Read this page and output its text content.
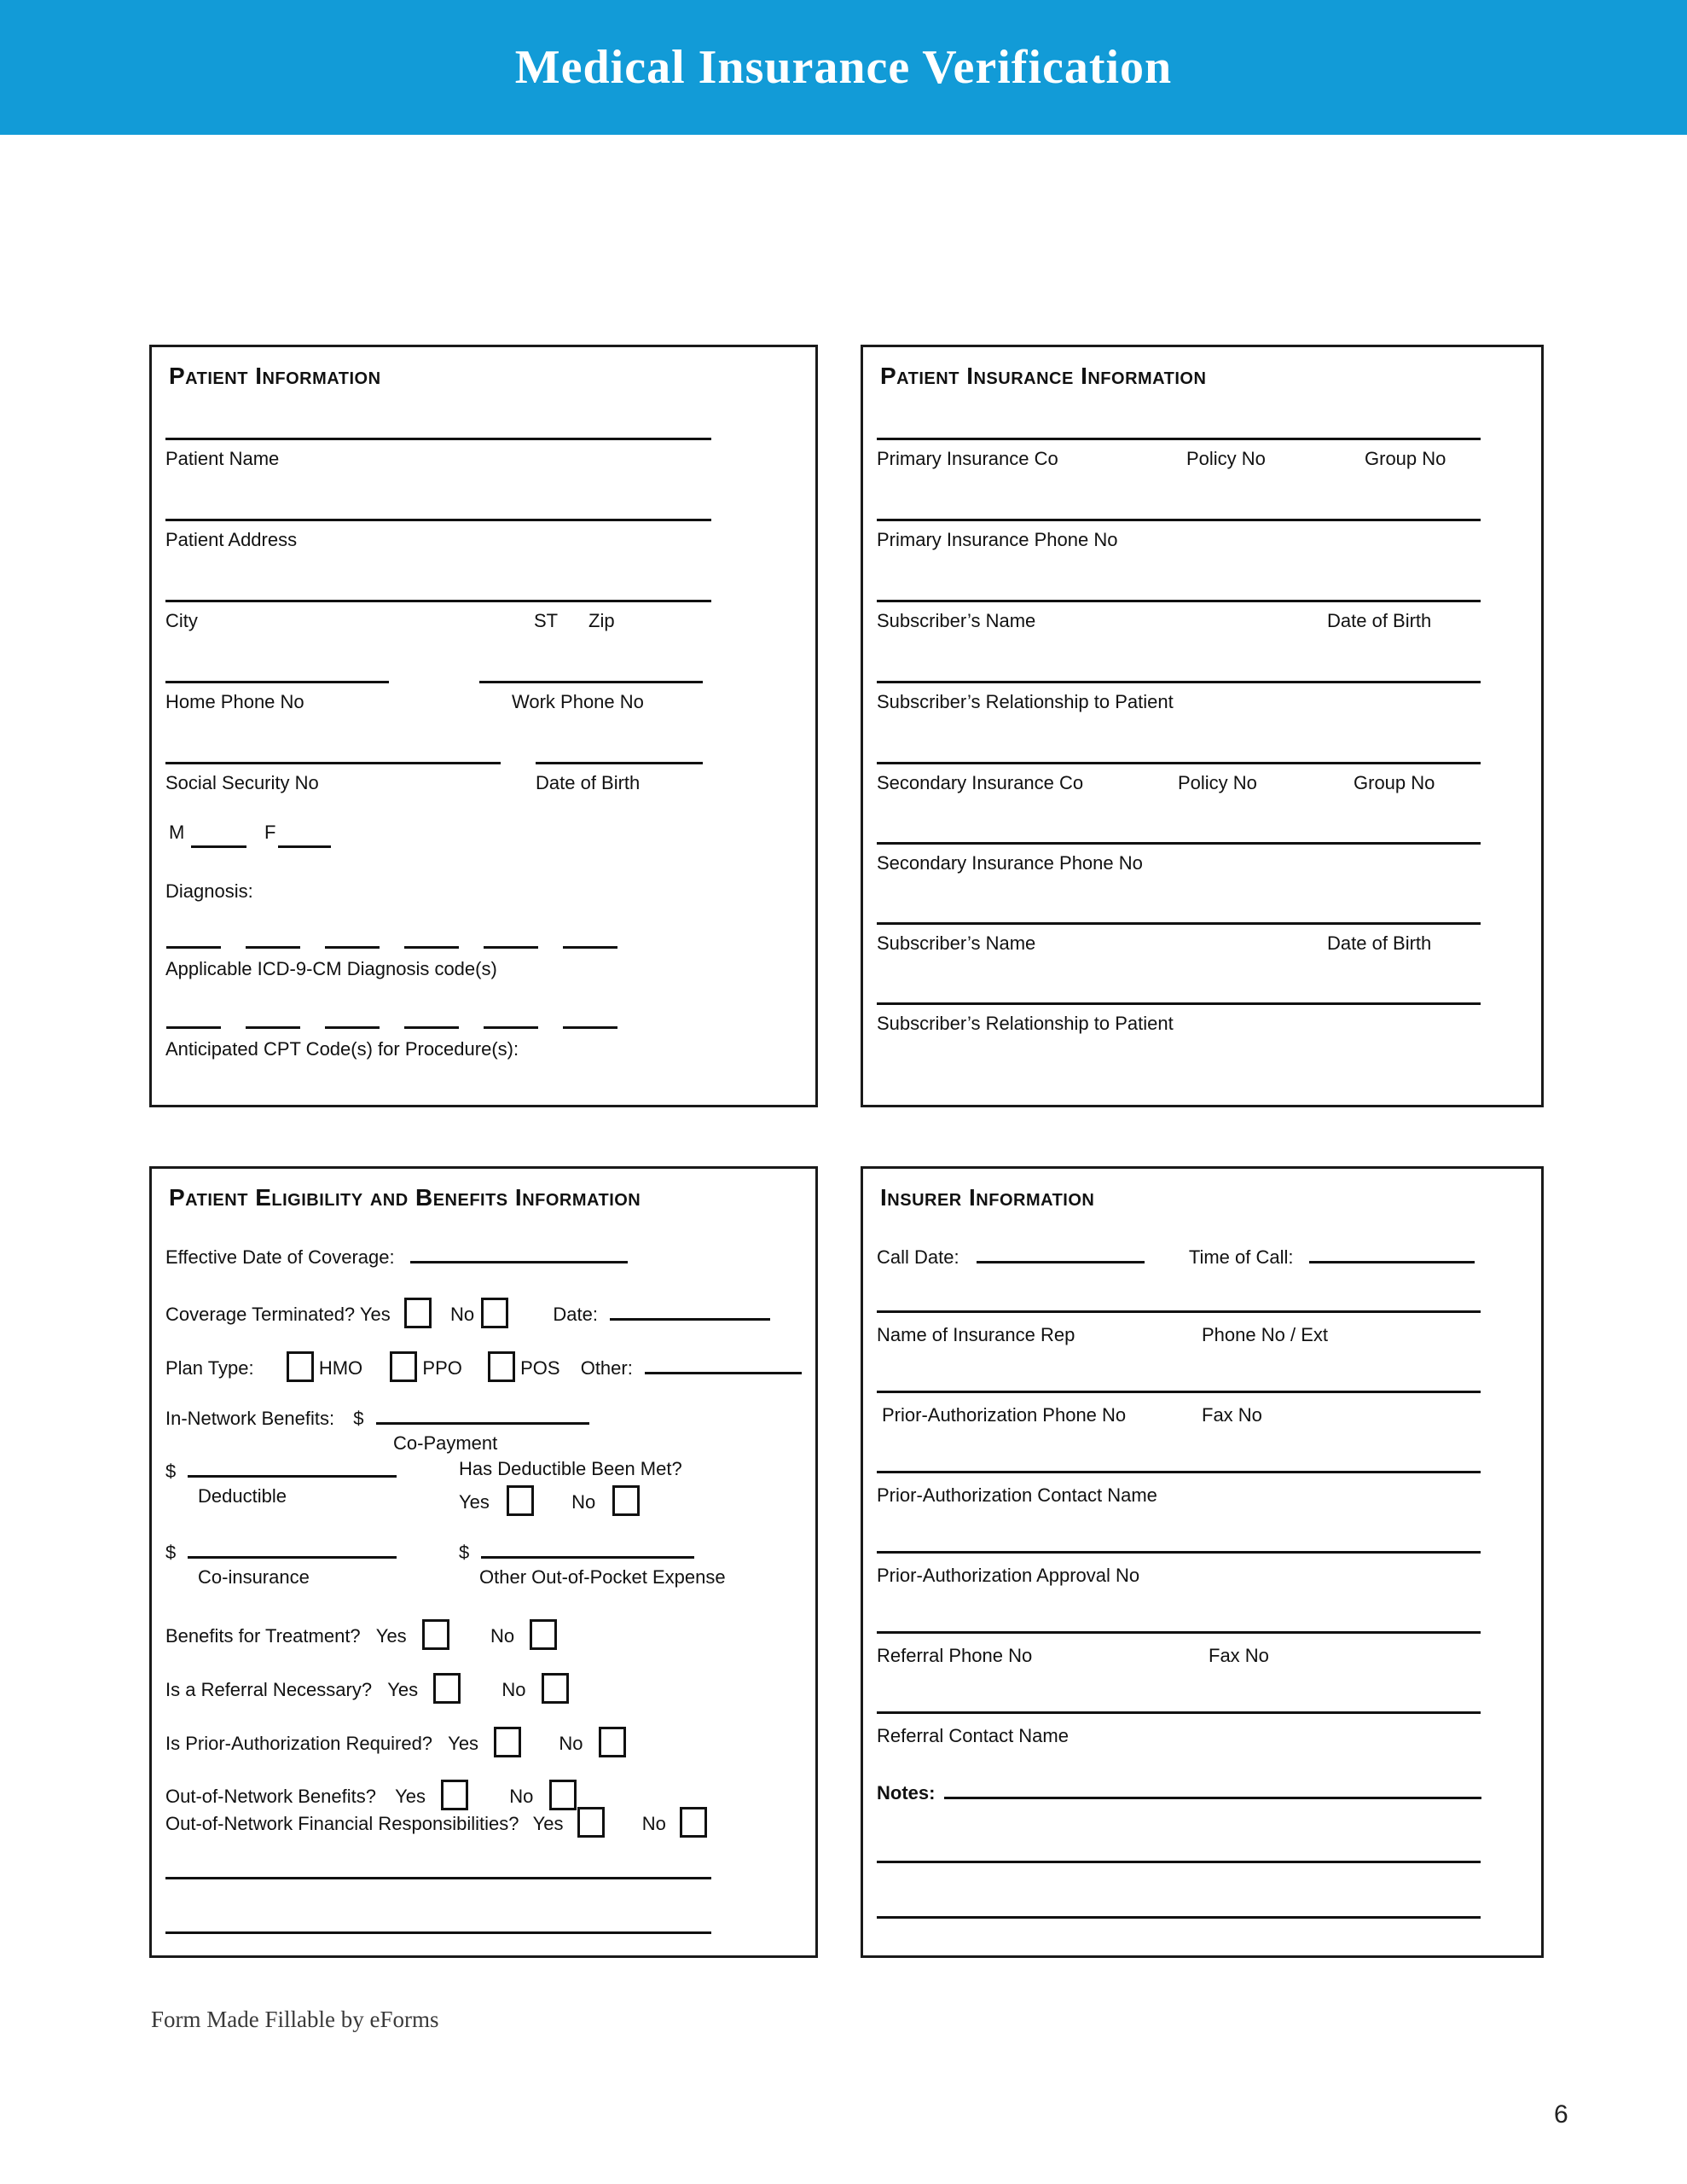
Medical Insurance Verification
Patient Information
Patient Name
Patient Address
City	ST Zip
Home Phone No	Work Phone No
Social Security No	Date of Birth
M	F
Diagnosis:
Applicable ICD-9-CM Diagnosis code(s)
Anticipated CPT Code(s) for Procedure(s):
Patient Insurance Information
Primary Insurance Co	Policy No	Group No
Primary Insurance Phone No
Subscriber’s Name	Date of Birth
Subscriber’s Relationship to Patient
Secondary Insurance Co	Policy No	Group No
Secondary Insurance Phone No
Subscriber’s Name	Date of Birth
Subscriber’s Relationship to Patient
Patient Eligibility and Benefits Information
Effective Date of Coverage:
Coverage Terminated? Yes	No	Date:
Plan Type:	HMO	PPO	POS Other:
In-Network Benefits: $
Co-Payment
$	Has Deductible Been Met?
Deductible	Yes	No
$	$
Co-insurance	Other Out-of-Pocket Expense
Benefits for Treatment? Yes	No
Is a Referral Necessary? Yes	No
Is Prior-Authorization Required? Yes	No
Out-of-Network Benefits? Yes	No
Out-of-Network Financial Responsibilities? Yes	No
Insurer Information
Call Date:	Time of Call:
Name of Insurance Rep	Phone No / Ext
Prior-Authorization Phone No	Fax No
Prior-Authorization Contact Name
Prior-Authorization Approval No
Referral Phone No	Fax No
Referral Contact Name
Notes:
Form Made Fillable by eForms
6
